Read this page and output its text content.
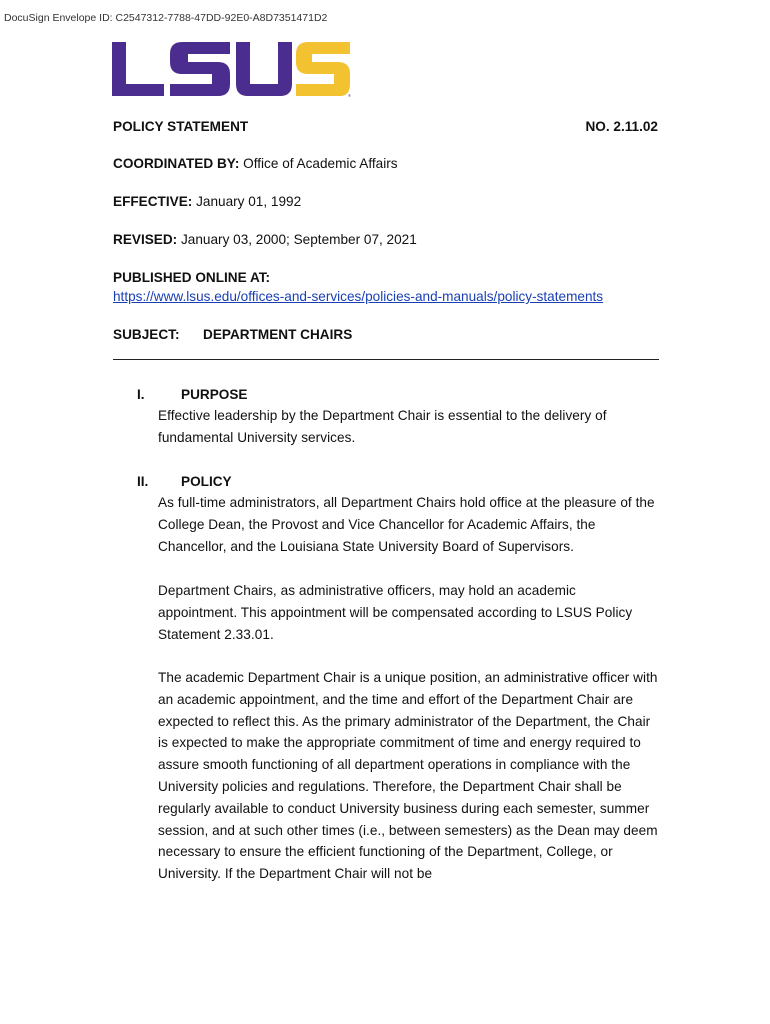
DocuSign Envelope ID: C2547312-7788-47DD-92E0-A8D7351471D2
®
POLICY STATEMENT	NO. 2.11.02
COORDINATED BY: Office of Academic Affairs
EFFECTIVE: January 01, 1992
REVISED: January 03, 2000; September 07, 2021
PUBLISHED ONLINE AT:
https://www.lsus.edu/offices-and-services/policies-and-manuals/policy-statements
SUBJECT: DEPARTMENT CHAIRS
I.	PURPOSE

Effective leadership by the Department Chair is essential to the delivery of fundamental University services.

II. POLICY

As full-time administrators, all Department Chairs hold office at the pleasure of the College Dean, the Provost and Vice Chancellor for Academic Affairs, the Chancellor, and the Louisiana State University Board of Supervisors.

Department Chairs, as administrative officers, may hold an academic appointment. This appointment will be compensated according to LSUS Policy Statement 2.33.01.

The academic Department Chair is a unique position, an administrative officer with an academic appointment, and the time and effort of the Department Chair are expected to reflect this. As the primary administrator of the Department, the Chair is expected to make the appropriate commitment of time and energy required to assure smooth functioning of all department operations in compliance with the University policies and regulations. Therefore, the Department Chair shall be regularly available to conduct University business during each semester, summer session, and at such other times (i.e., between semesters) as the Dean may deem necessary to ensure the efficient functioning of the Department, College, or University. If the Department Chair will not be
